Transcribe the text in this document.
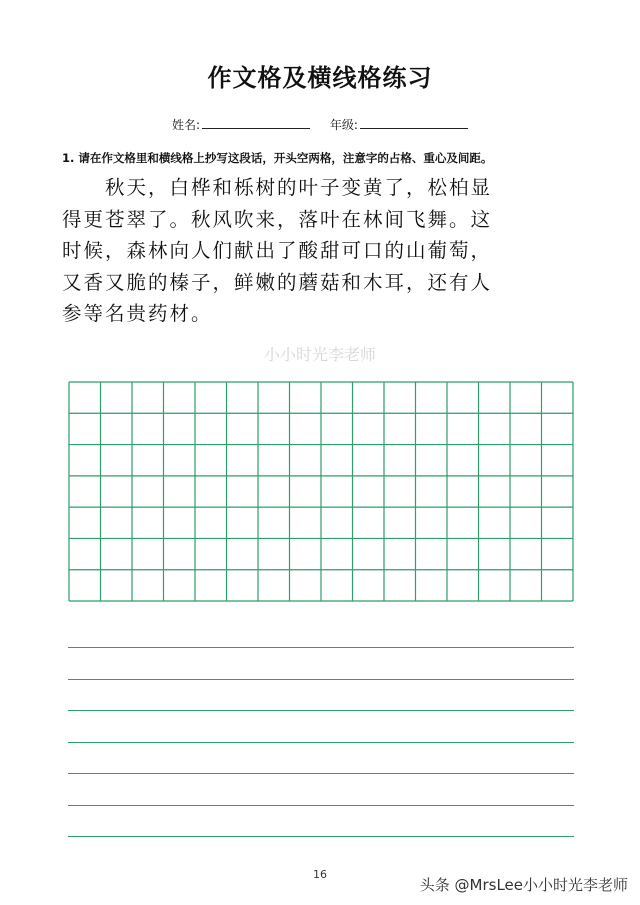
作文格及横线格练习
姓名:	年级:
1. 请在作文格里和横线格上抄写这段话，开头空两格，注意字的占格、重心及间距。

　　秋天，白桦和栎树的叶子变黄了，松柏显

得更苍翠了。秋风吹来，落叶在林间飞舞。这

时候，森林向人们献出了酸甜可口的山葡萄，

又香又脆的榛子，鲜嫩的蘑菇和木耳，还有人

参等名贵药材。

小小时光李老师
16
头条 @MrsLee小小时光李老师
